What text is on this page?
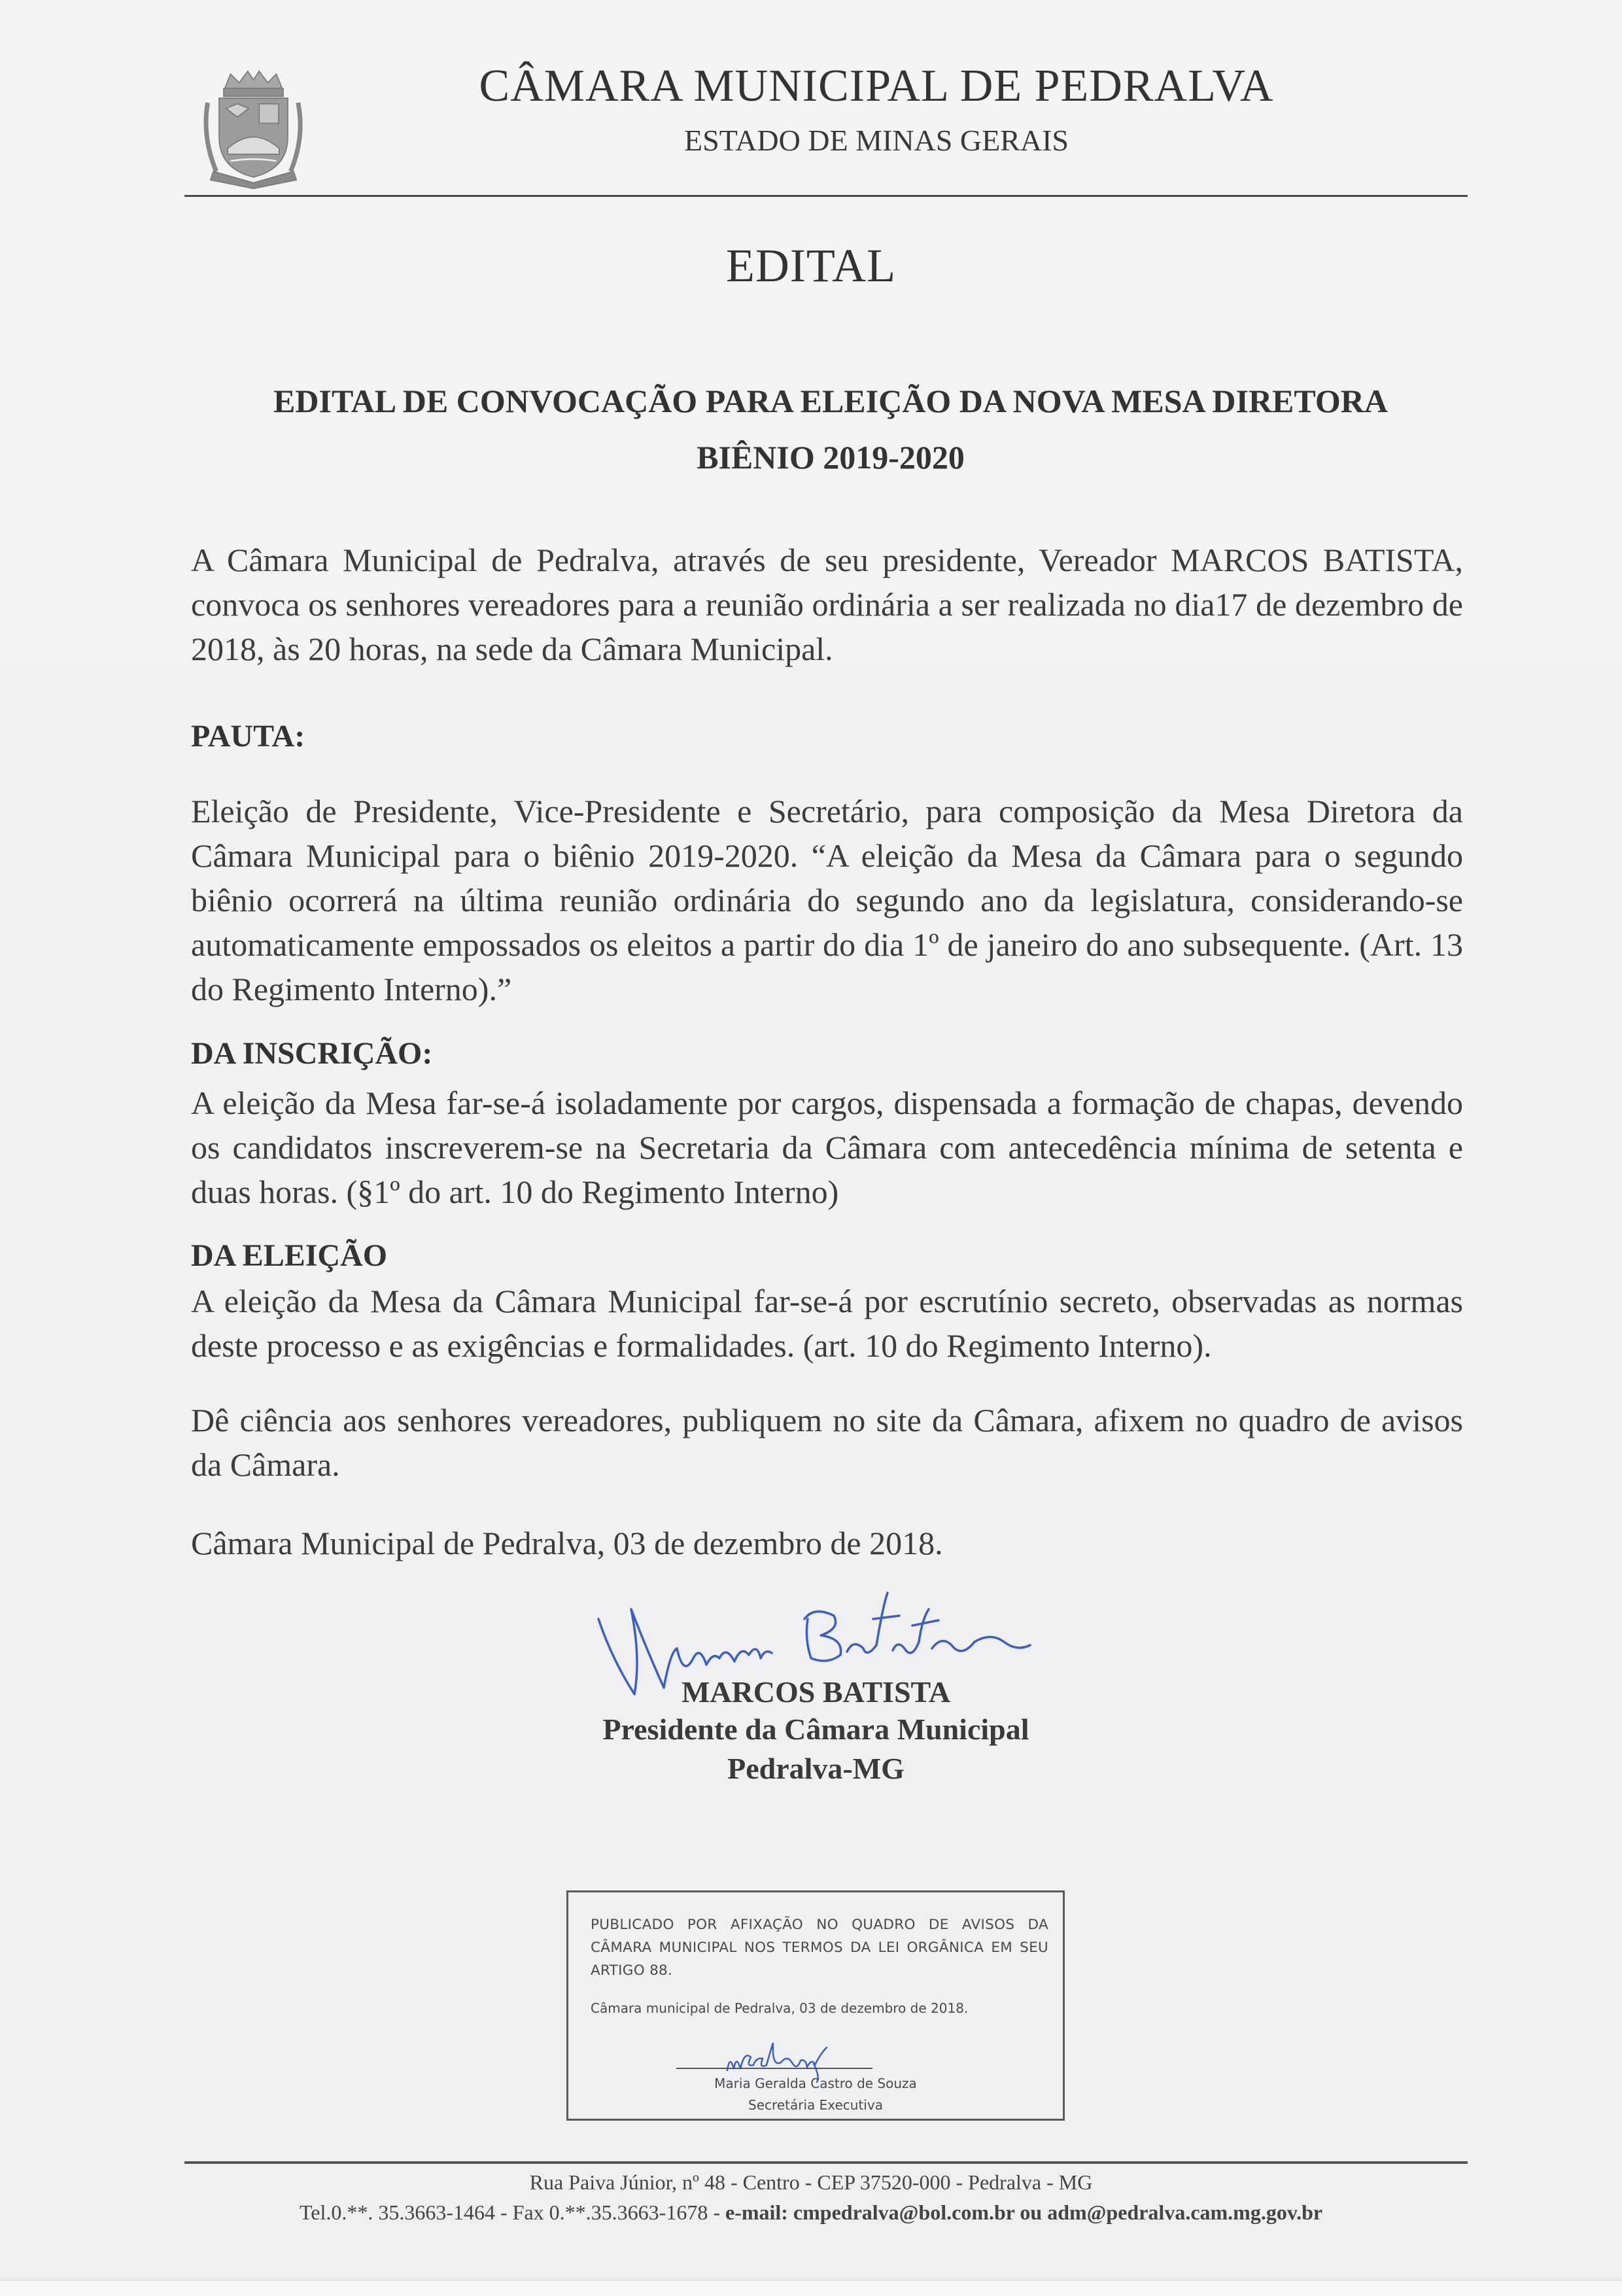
CÂMARA MUNICIPAL DE PEDRALVA
ESTADO DE MINAS GERAIS
EDITAL
EDITAL DE CONVOCAÇÃO PARA ELEIÇÃO DA NOVA MESA DIRETORA
BIÊNIO 2019-2020

A Câmara Municipal de Pedralva, através de seu presidente, Vereador MARCOS BATISTA, convoca os senhores vereadores para a reunião ordinária a ser realizada no dia17 de dezembro de 2018, às 20 horas, na sede da Câmara Municipal.

PAUTA:

Eleição de Presidente, Vice-Presidente e Secretário, para composição da Mesa Diretora da Câmara Municipal para o biênio 2019-2020. “A eleição da Mesa da Câmara para o segundo biênio ocorrerá na última reunião ordinária do segundo ano da legislatura, considerando-se automaticamente empossados os eleitos a partir do dia 1º de janeiro do ano subsequente. (Art. 13 do Regimento Interno).”

DA INSCRIÇÃO:

A eleição da Mesa far-se-á isoladamente por cargos, dispensada a formação de chapas, devendo os candidatos inscreverem-se na Secretaria da Câmara com antecedência mínima de setenta e duas horas. (§1º do art. 10 do Regimento Interno)

DA ELEIÇÃO

A eleição da Mesa da Câmara Municipal far-se-á por escrutínio secreto, observadas as normas deste processo e as exigências e formalidades. (art. 10 do Regimento Interno).

Dê ciência aos senhores vereadores, publiquem no site da Câmara, afixem no quadro de avisos da Câmara.

Câmara Municipal de Pedralva, 03 de dezembro de 2018.

MARCOS BATISTA
Presidente da Câmara Municipal
Pedralva-MG
PUBLICADO POR AFIXAÇÃO NO QUADRO DE AVISOS DA CÂMARA MUNICIPAL NOS TERMOS DA LEI ORGÂNICA EM SEU ARTIGO 88.
Câmara municipal de Pedralva, 03 de dezembro de 2018.
Maria Geralda Castro de Souza
Secretária Executiva
Rua Paiva Júnior, nº 48 - Centro - CEP 37520-000 - Pedralva - MG
Tel.0.**. 35.3663-1464 - Fax 0.**.35.3663-1678 - e-mail: cmpedralva@bol.com.br ou adm@pedralva.cam.mg.gov.br
